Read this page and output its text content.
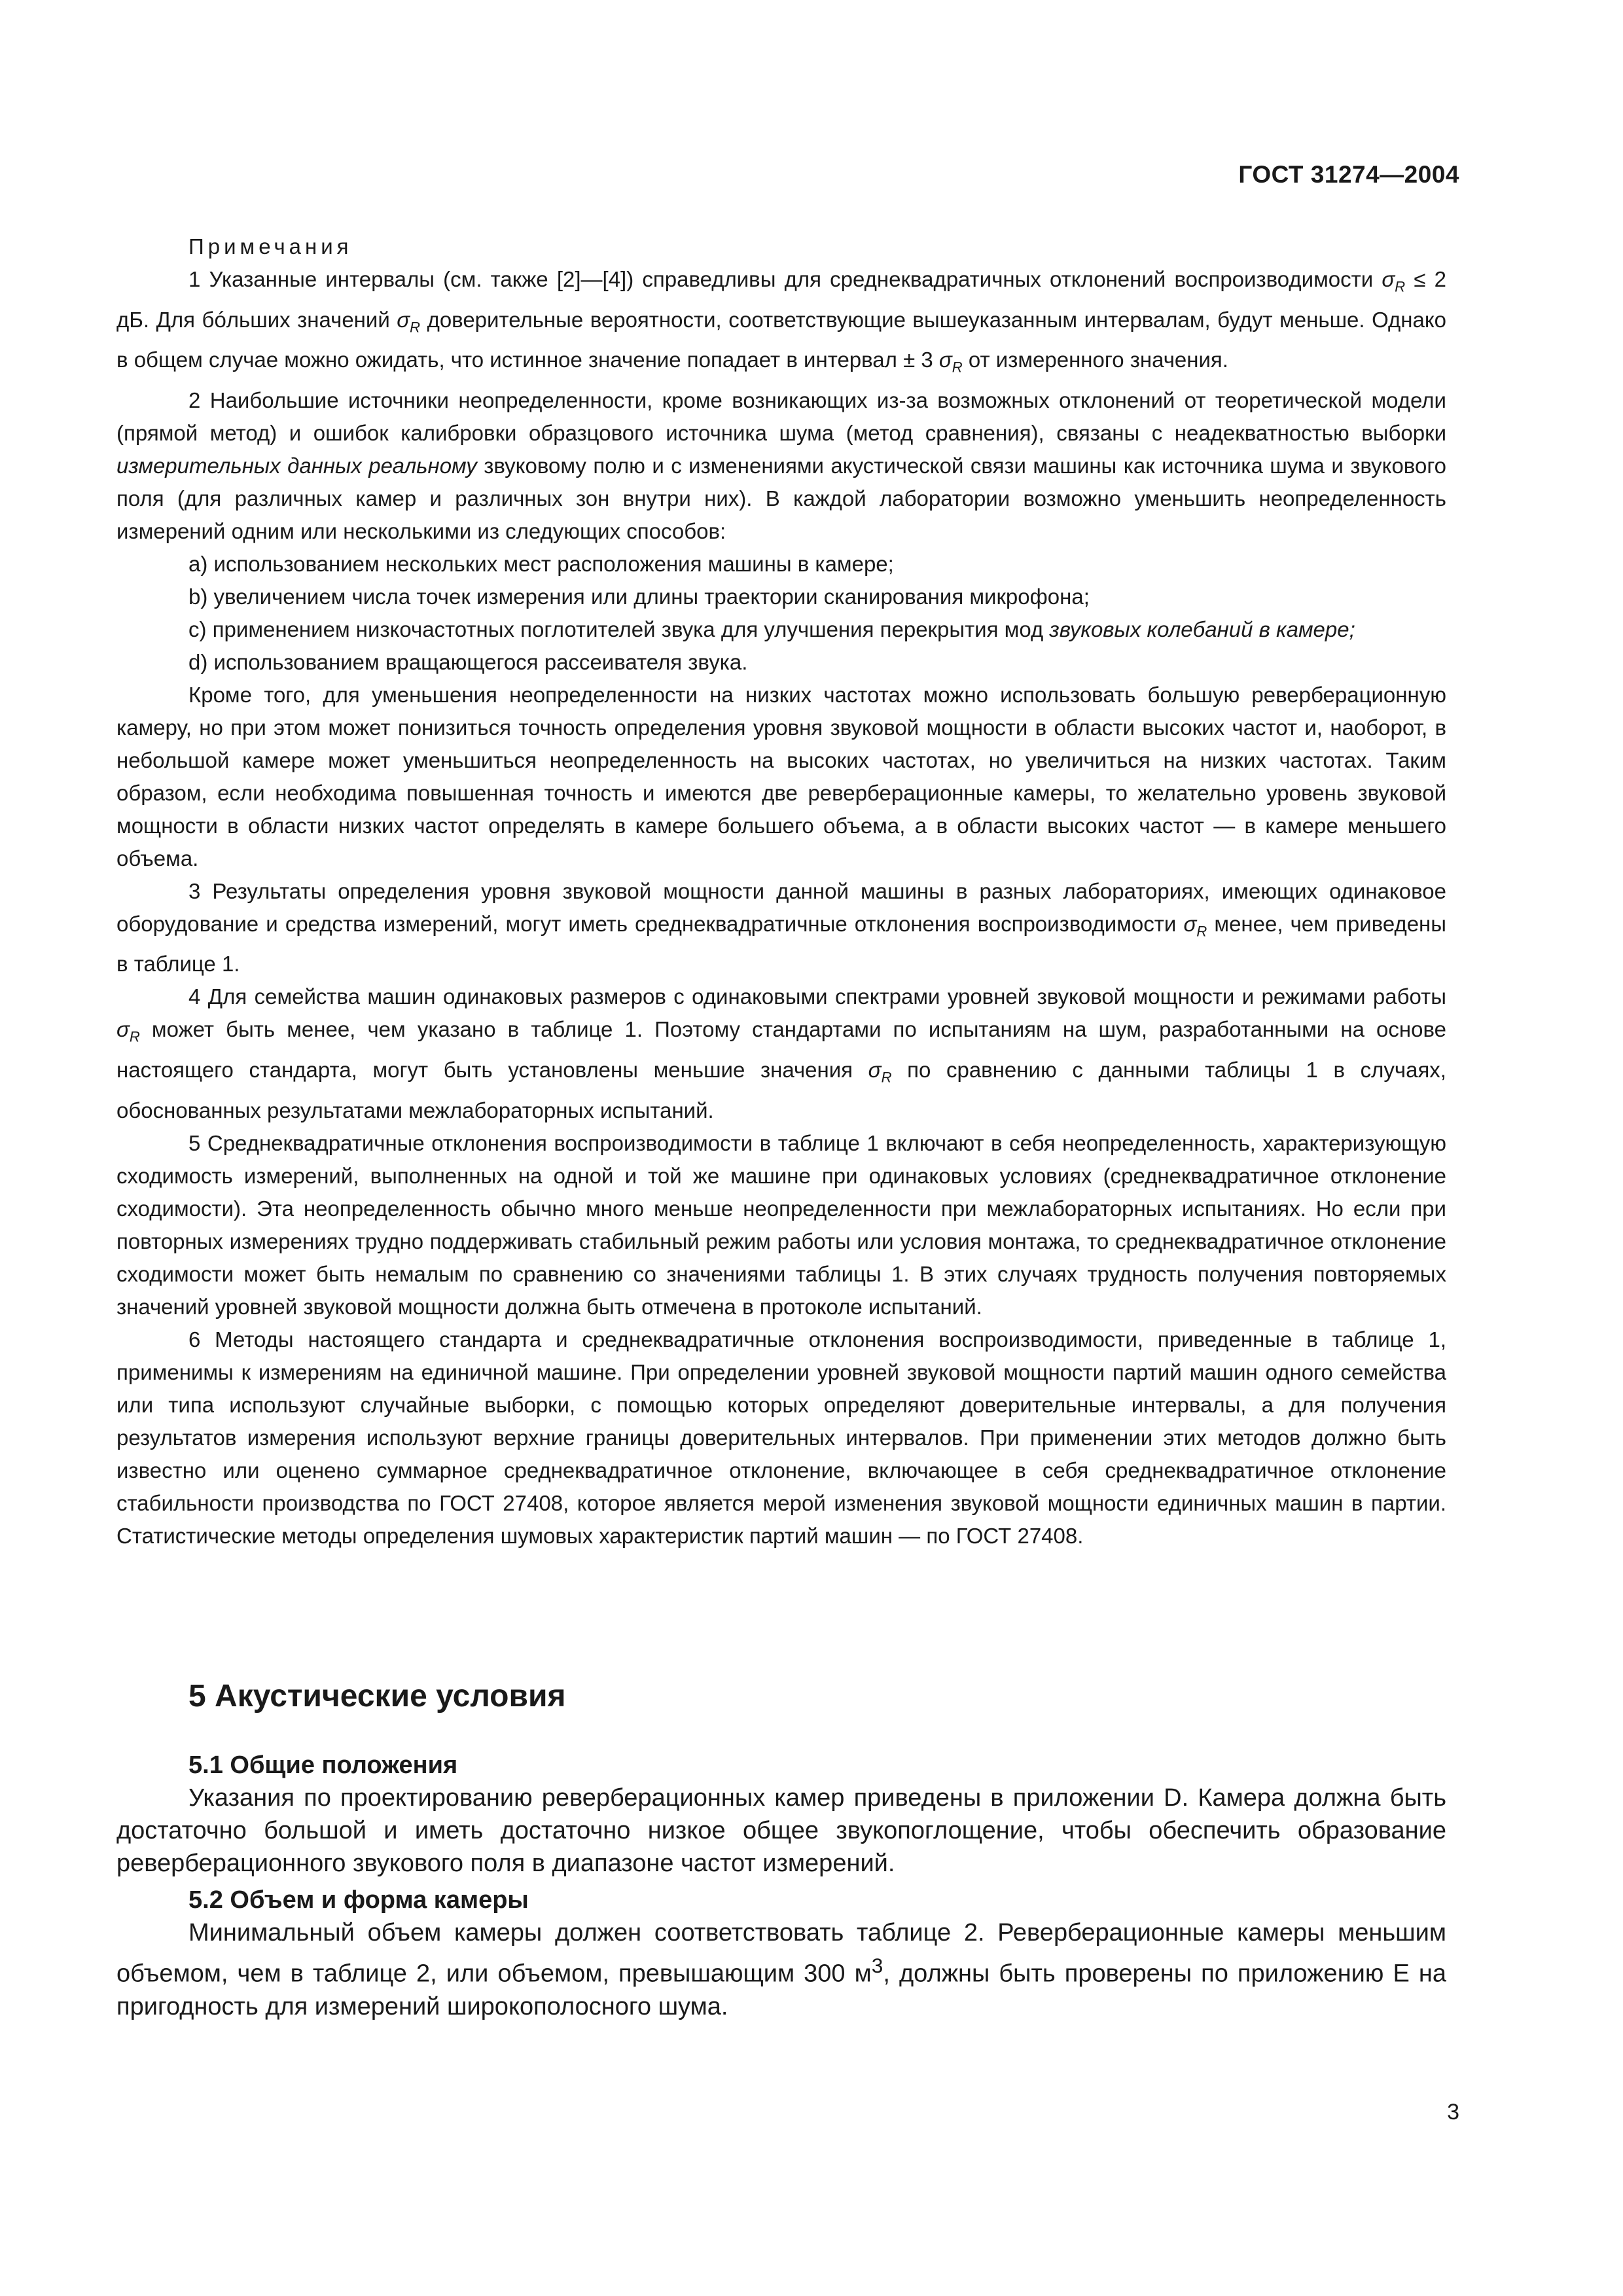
ГОСТ 31274—2004

Примечания

1 Указанные интервалы (см. также [2]—[4]) справедливы для среднеквадратичных отклонений воспроизводимости $\sigma_R \le 2$ дБ. Для бóльших значений $\sigma_R$ доверительные вероятности, соответствующие вышеуказанным интервалам, будут меньше. Однако в общем случае можно ожидать, что истинное значение попадает в интервал ± 3 $\sigma_R$ от измеренного значения.

2 Наибольшие источники неопределенности, кроме возникающих из-за возможных отклонений от теоретической модели (прямой метод) и ошибок калибровки образцового источника шума (метод сравнения), связаны с неадекватностью выборки измерительных данных реальному звуковому полю и с изменениями акустической связи машины как источника шума и звукового поля (для различных камер и различных зон внутри них). В каждой лаборатории возможно уменьшить неопределенность измерений одним или несколькими из следующих способов:

а) использованием нескольких мест расположения машины в камере;

b) увеличением числа точек измерения или длины траектории сканирования микрофона;

с) применением низкочастотных поглотителей звука для улучшения перекрытия мод звуковых колебаний в камере;

d) использованием вращающегося рассеивателя звука.

Кроме того, для уменьшения неопределенности на низких частотах можно использовать большую реверберационную камеру, но при этом может понизиться точность определения уровня звуковой мощности в области высоких частот и, наоборот, в небольшой камере может уменьшиться неопределенность на высоких частотах, но увеличиться на низких частотах. Таким образом, если необходима повышенная точность и имеются две реверберационные камеры, то желательно уровень звуковой мощности в области низких частот определять в камере большего объема, а в области высоких частот — в камере меньшего объема.

3 Результаты определения уровня звуковой мощности данной машины в разных лабораториях, имеющих одинаковое оборудование и средства измерений, могут иметь среднеквадратичные отклонения воспроизводимости $\sigma_R$ менее, чем приведены в таблице 1.

4 Для семейства машин одинаковых размеров с одинаковыми спектрами уровней звуковой мощности и режимами работы $\sigma_R$ может быть менее, чем указано в таблице 1. Поэтому стандартами по испытаниям на шум, разработанными на основе настоящего стандарта, могут быть установлены меньшие значения $\sigma_R$ по сравнению с данными таблицы 1 в случаях, обоснованных результатами межлабораторных испытаний.

5 Среднеквадратичные отклонения воспроизводимости в таблице 1 включают в себя неопределенность, характеризующую сходимость измерений, выполненных на одной и той же машине при одинаковых условиях (среднеквадратичное отклонение сходимости). Эта неопределенность обычно много меньше неопределенности при межлабораторных испытаниях. Но если при повторных измерениях трудно поддерживать стабильный режим работы или условия монтажа, то среднеквадратичное отклонение сходимости может быть немалым по сравнению со значениями таблицы 1. В этих случаях трудность получения повторяемых значений уровней звуковой мощности должна быть отмечена в протоколе испытаний.

6 Методы настоящего стандарта и среднеквадратичные отклонения воспроизводимости, приведенные в таблице 1, применимы к измерениям на единичной машине. При определении уровней звуковой мощности партий машин одного семейства или типа используют случайные выборки, с помощью которых определяют доверительные интервалы, а для получения результатов измерения используют верхние границы доверительных интервалов. При применении этих методов должно быть известно или оценено суммарное среднеквадратичное отклонение, включающее в себя среднеквадратичное отклонение стабильности производства по ГОСТ 27408, которое является мерой изменения звуковой мощности единичных машин в партии. Статистические методы определения шумовых характеристик партий машин — по ГОСТ 27408.

5 Акустические условия
5.1 Общие положения

Указания по проектированию реверберационных камер приведены в приложении D. Камера должна быть достаточно большой и иметь достаточно низкое общее звукопоглощение, чтобы обеспечить образование реверберационного звукового поля в диапазоне частот измерений.

5.2 Объем и форма камеры

Минимальный объем камеры должен соответствовать таблице 2. Реверберационные камеры меньшим объемом, чем в таблице 2, или объемом, превышающим 300 $м^3$, должны быть проверены по приложению Е на пригодность для измерений широкополосного шума.

3
